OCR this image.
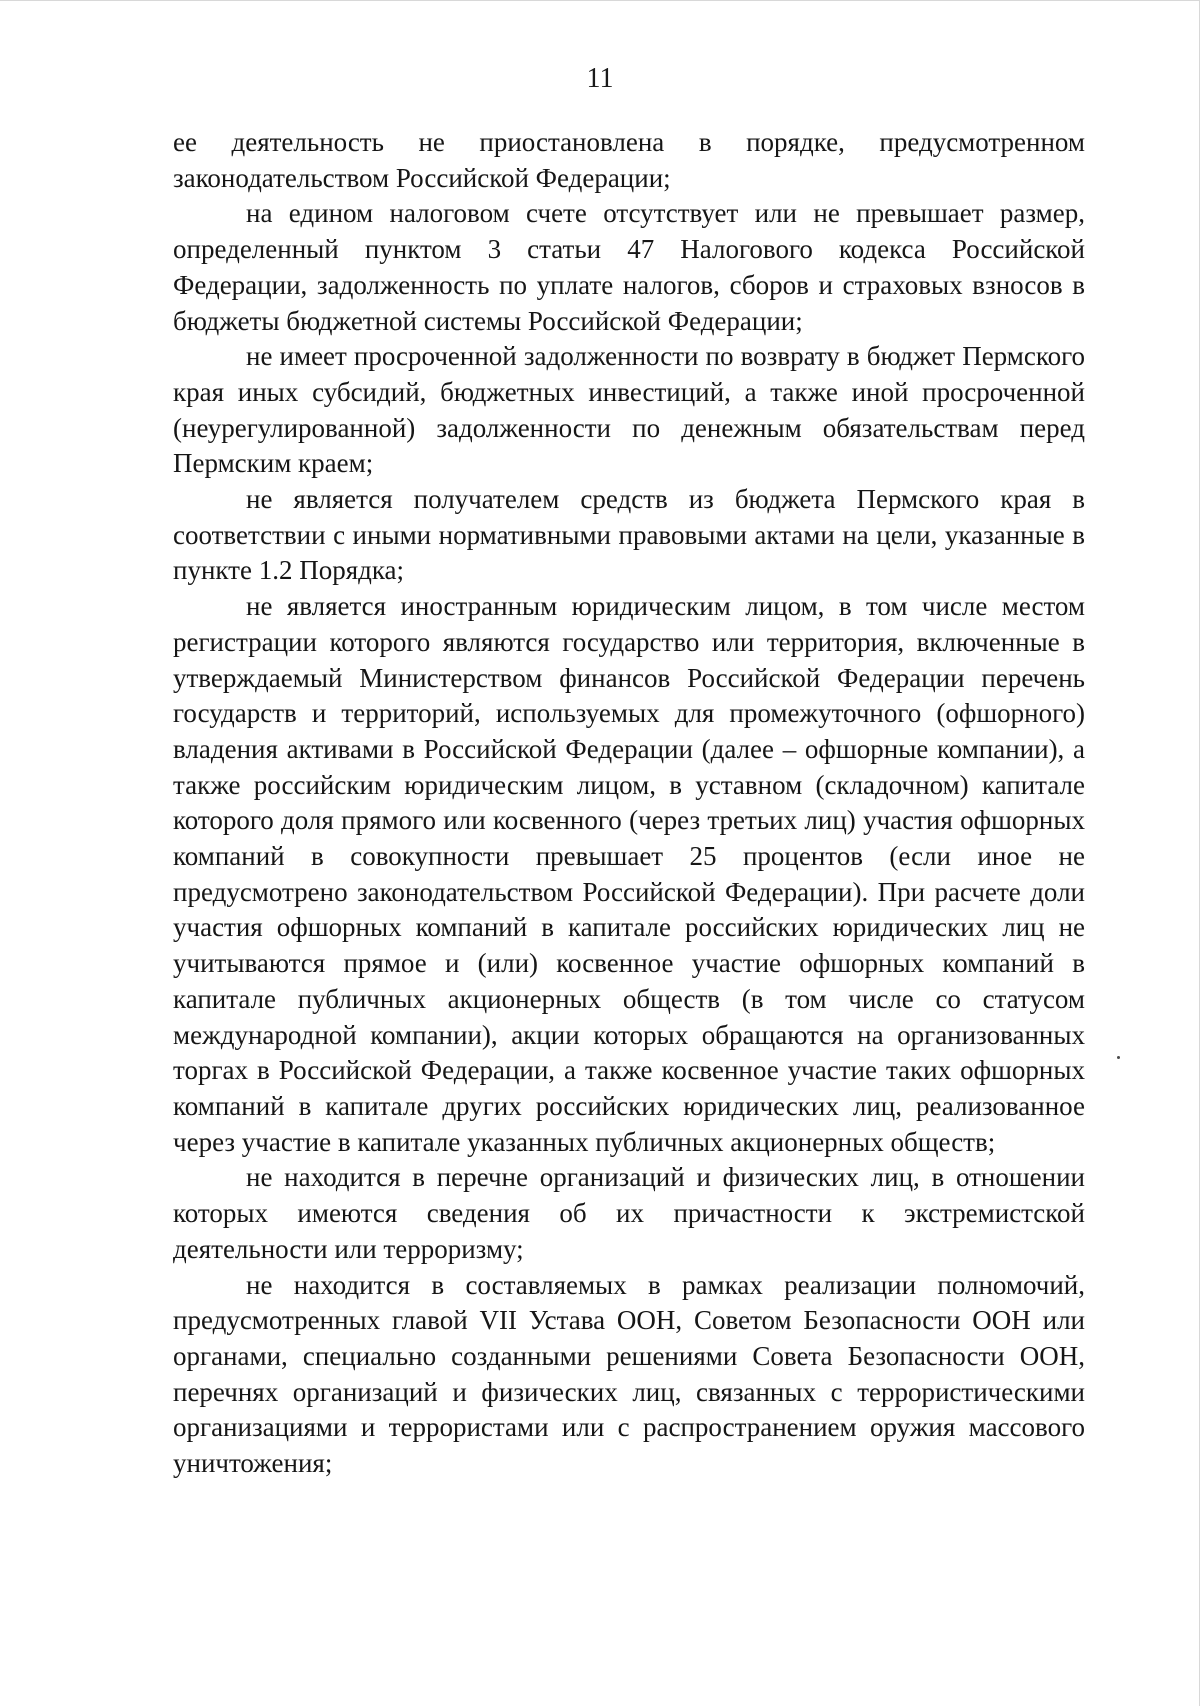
11

ее деятельность не приостановлена в порядке, предусмотренном законодательством Российской Федерации;

на едином налоговом счете отсутствует или не превышает размер, определенный пунктом 3 статьи 47 Налогового кодекса Российской Федерации, задолженность по уплате налогов, сборов и страховых взносов в бюджеты бюджетной системы Российской Федерации;

не имеет просроченной задолженности по возврату в бюджет Пермского края иных субсидий, бюджетных инвестиций, а также иной просроченной (неурегулированной) задолженности по денежным обязательствам перед Пермским краем;

не является получателем средств из бюджета Пермского края в соответствии с иными нормативными правовыми актами на цели, указанные в пункте 1.2 Порядка;

не является иностранным юридическим лицом, в том числе местом регистрации которого являются государство или территория, включенные в утверждаемый Министерством финансов Российской Федерации перечень государств и территорий, используемых для промежуточного (офшорного) владения активами в Российской Федерации (далее – офшорные компании), а также российским юридическим лицом, в уставном (складочном) капитале которого доля прямого или косвенного (через третьих лиц) участия офшорных компаний в совокупности превышает 25 процентов (если иное не предусмотрено законодательством Российской Федерации). При расчете доли участия офшорных компаний в капитале российских юридических лиц не учитываются прямое и (или) косвенное участие офшорных компаний в капитале публичных акционерных обществ (в том числе со статусом международной компании), акции которых обращаются на организованных торгах в Российской Федерации, а также косвенное участие таких офшорных компаний в капитале других российских юридических лиц, реализованное через участие в капитале указанных публичных акционерных обществ;

не находится в перечне организаций и физических лиц, в отношении которых имеются сведения об их причастности к экстремистской деятельности или терроризму;

не находится в составляемых в рамках реализации полномочий, предусмотренных главой VII Устава ООН, Советом Безопасности ООН или органами, специально созданными решениями Совета Безопасности ООН, перечнях организаций и физических лиц, связанных с террористическими организациями и террористами или с распространением оружия массового уничтожения;
